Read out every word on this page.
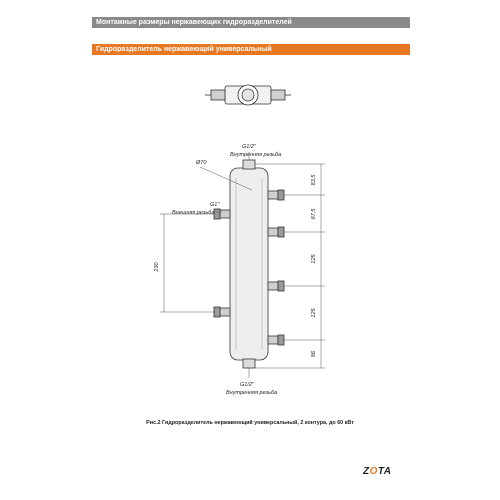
Монтажные размеры нержавеющих гидроразделителей
Гидроразделитель нержавеющий универсальный
83,5
87,5
125
125
86
230
G1/2"
Внутренняя резьба
Ø70
G1"
Внешняя резьба
G1/2"
Внутренняя резьба
Рис.2 Гидроразделитель нержавеющий универсальный, 2 контура, до 60 кВт
ZOTA
